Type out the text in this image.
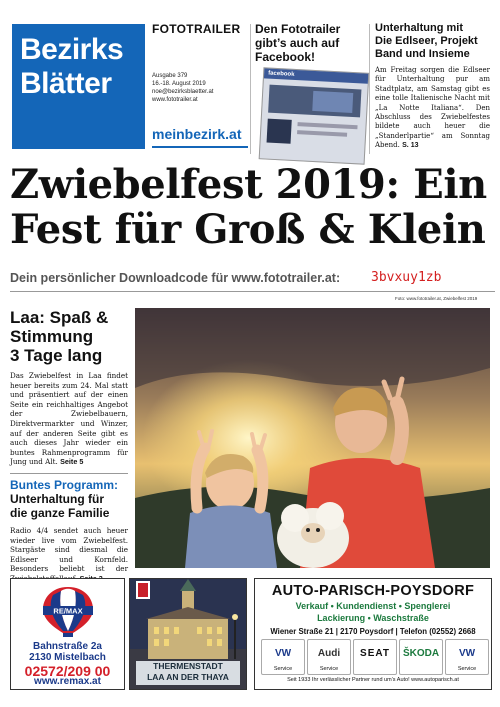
Bezirks
Blätter
FOTOTRAILER
Ausgabe 379
16.-18. August 2019
noe@bezirksblaetter.at
www.fototrailer.at
meinbezirk.at
Den Fototrailer
gibt’s auch auf
Facebook!
facebook
Unterhaltung mit
Die Edlseer, Projekt
Band und Insieme
Am Freitag sorgen die Edlseer für Unterhaltung pur am Stadtplatz, am Samstag gibt es eine tolle Italienische Nacht mit „La Notte Italiana“. Den Abschluss des Zwiebelfestes bildete auch heuer die „Standerlpartie“ am Sonntag Abend. S. 13
Zwiebelfest 2019: Ein
Fest für Groß & Klein
Dein persönlicher Downloadcode für www.fototrailer.at: 3bvxuy1zb
Foto: www.fototrailer.at, Zwiebelfest 2019
Laa: Spaß &
Stimmung
3 Tage lang
Das Zwiebelfest in Laa findet heuer bereits zum 24. Mal statt und präsentiert auf der einen Seite ein reichhaltiges Angebot der Zwiebelbauern, Direktvermarkter und Winzer, auf der anderen Seite gibt es auch dieses Jahr wieder ein buntes Rahmenprogramm für Jung und Alt. Seite 5
Buntes Programm:
Unterhaltung für
die ganze Familie
Radio 4/4 sendet auch heuer wieder live vom Zwiebelfest. Stargäste sind diesmal die Edlseer und Kornfeld. Besonders beliebt ist der
RE/MAX
Bahnstraße 2a
2130 Mistelbach
02572/209 00
www.remax.at
THERMENSTADT
LAA AN DER THAYA
AUTO-PARISCH-POYSDORF
Verkauf • Kundendienst • Spenglerei
Lackierung • Waschstraße
Wiener Straße 21 | 2170 Poysdorf | Telefon (02552) 2668
VW
Service
Audi
Service
SEAT	ŠKODA	VW
Service
Seit 1933 Ihr verlässlicher Partner rund um’s Auto! www.autoparisch.at
